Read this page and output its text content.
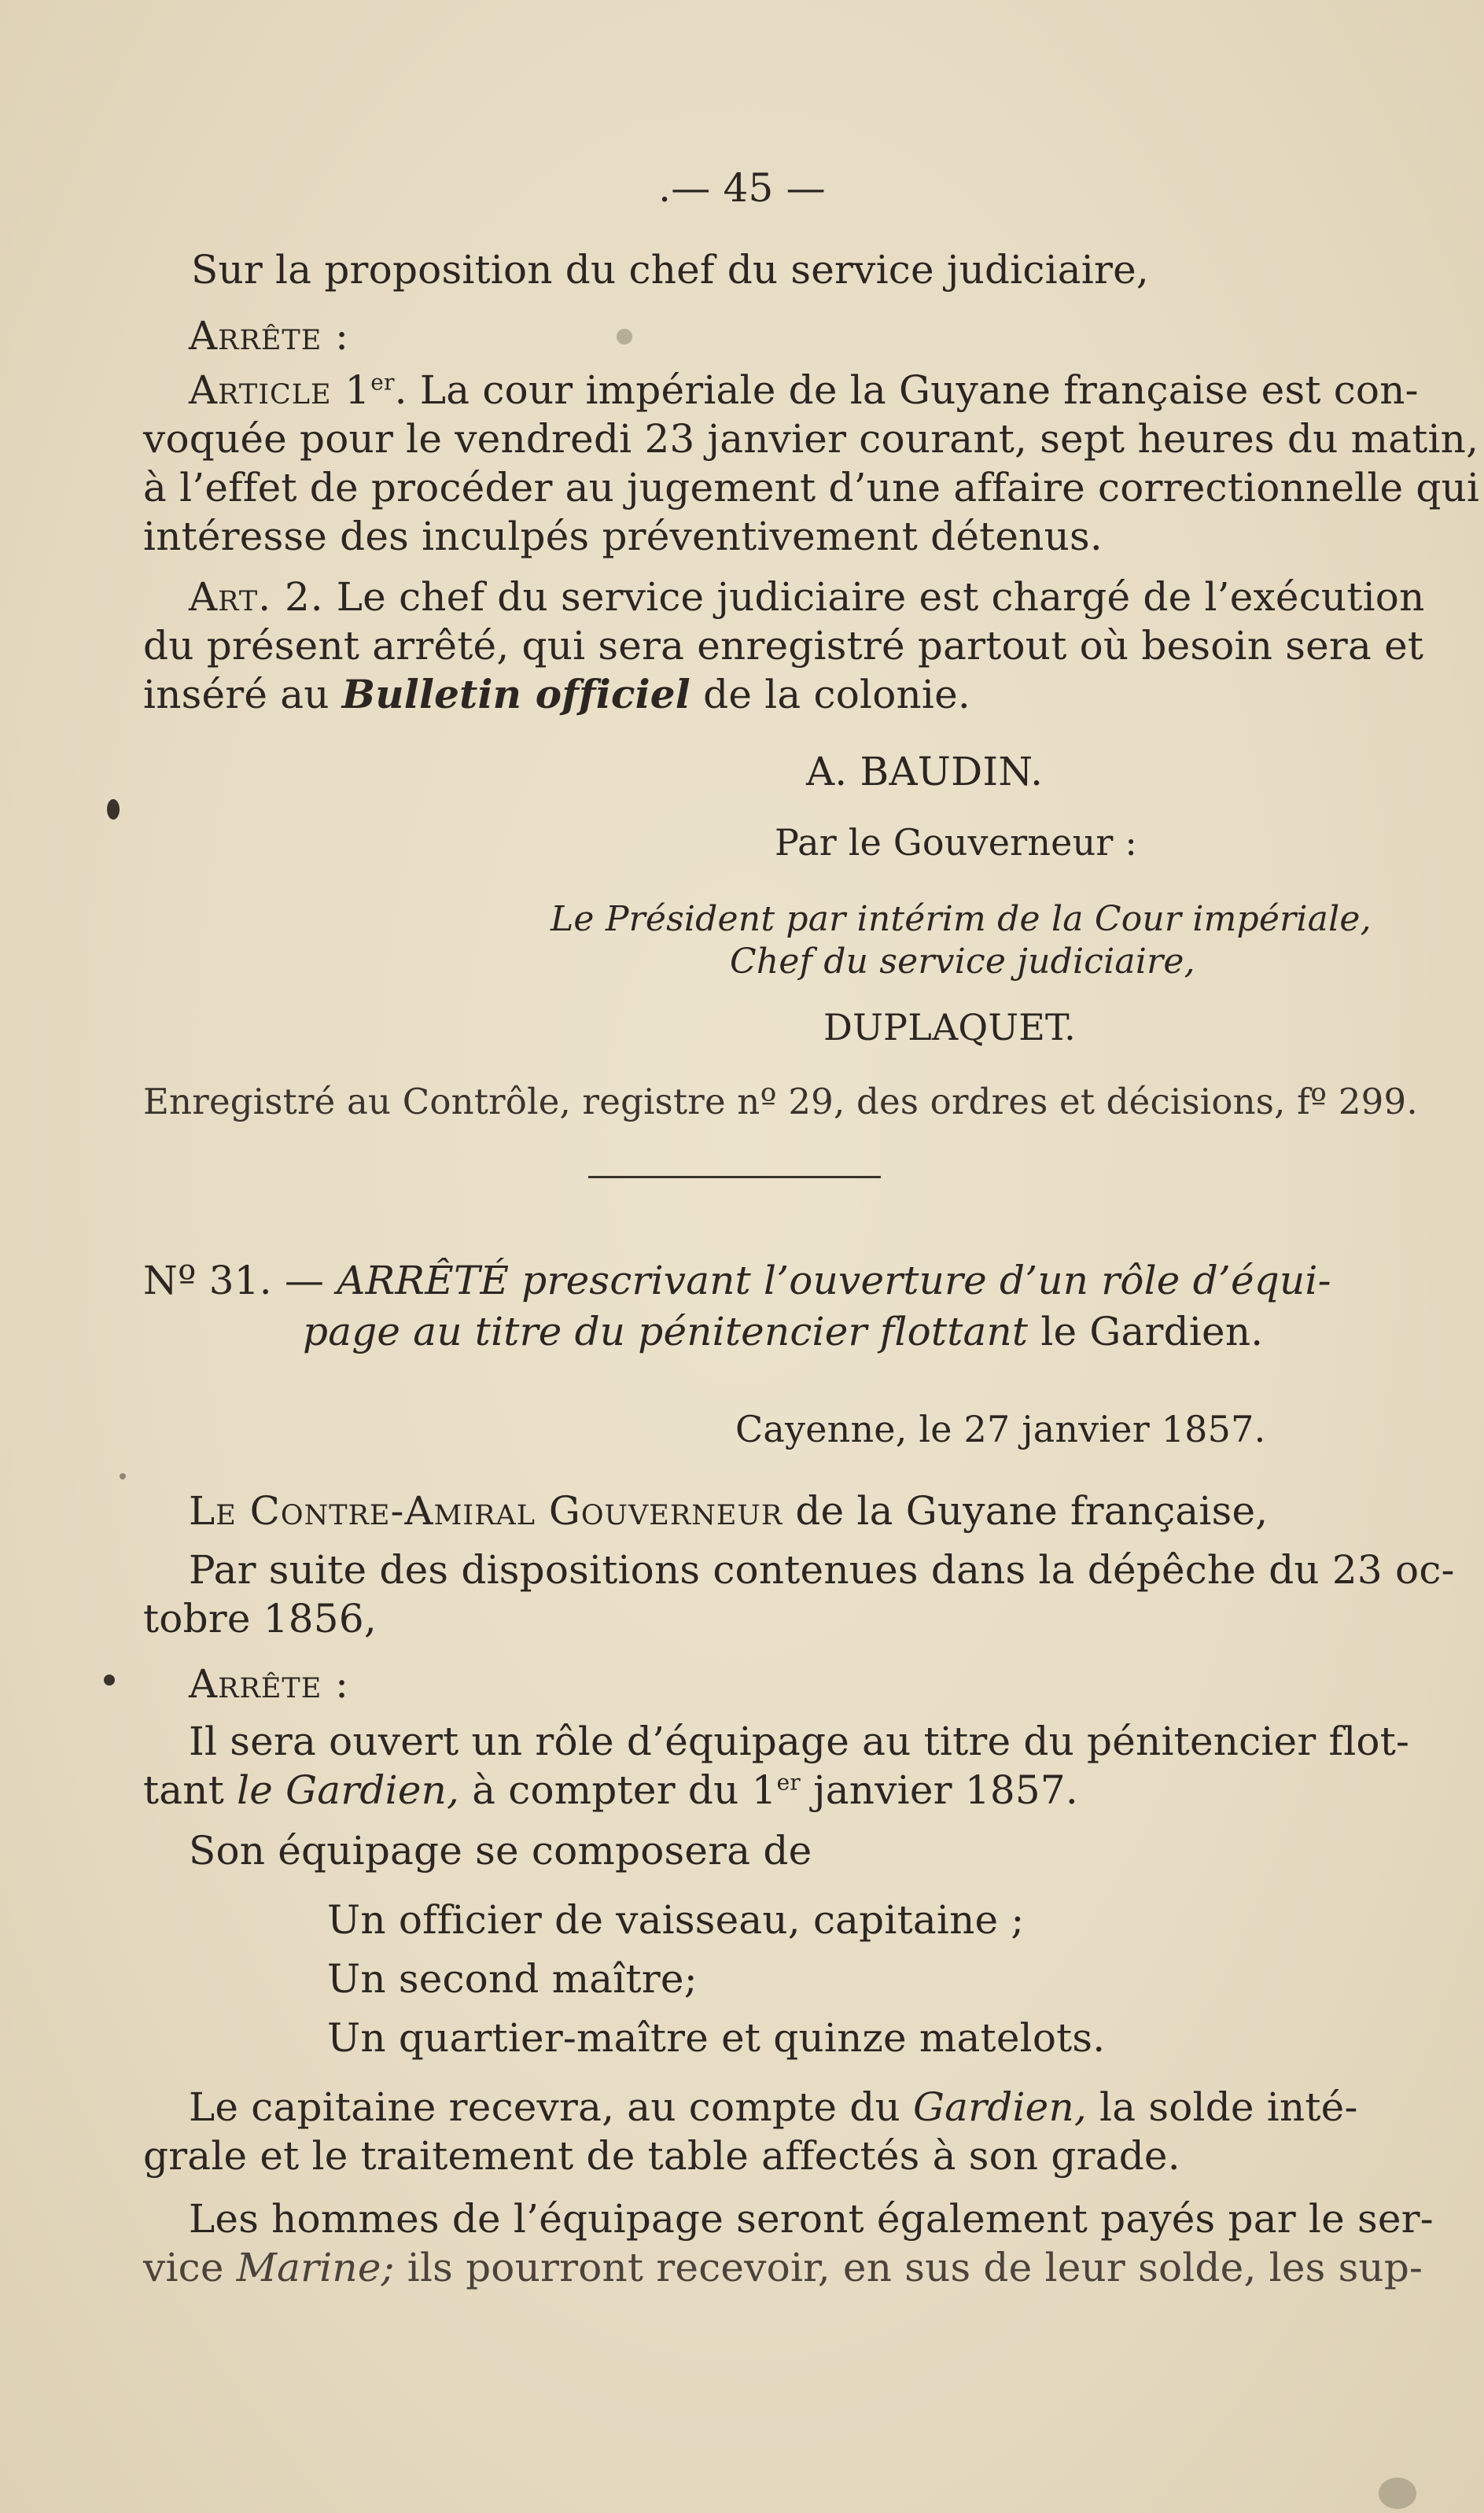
.— 45 —
Sur la proposition du chef du service judiciaire,
Arrête :
Article 1er. La cour impériale de la Guyane française est con-
voquée pour le vendredi 23 janvier courant, sept heures du matin,
à l’effet de procéder au jugement d’une affaire correctionnelle qui
intéresse des inculpés préventivement détenus.
Art. 2. Le chef du service judiciaire est chargé de l’exécution
du présent arrêté, qui sera enregistré partout où besoin sera et
inséré au Bulletin officiel de la colonie.
A. BAUDIN.
Par le Gouverneur :
Le Président par intérim de la Cour impériale,
Chef du service judiciaire,
DUPLAQUET.
Enregistré au Contrôle, registre nº 29, des ordres et décisions, fº 299.
Nº 31. — ARRÊTÉ prescrivant l’ouverture d’un rôle d’équi-
page au titre du pénitencier flottant le Gardien.
Cayenne, le 27 janvier 1857.
Le Contre-Amiral Gouverneur de la Guyane française,
Par suite des dispositions contenues dans la dépêche du 23 oc-
tobre 1856,
Arrête :
Il sera ouvert un rôle d’équipage au titre du pénitencier flot-
tant le Gardien, à compter du 1er janvier 1857.
Son équipage se composera de
Un officier de vaisseau, capitaine ;
Un second maître;
Un quartier-maître et quinze matelots.
Le capitaine recevra, au compte du Gardien, la solde inté-
grale et le traitement de table affectés à son grade.
Les hommes de l’équipage seront également payés par le ser-
vice Marine; ils pourront recevoir, en sus de leur solde, les sup-
